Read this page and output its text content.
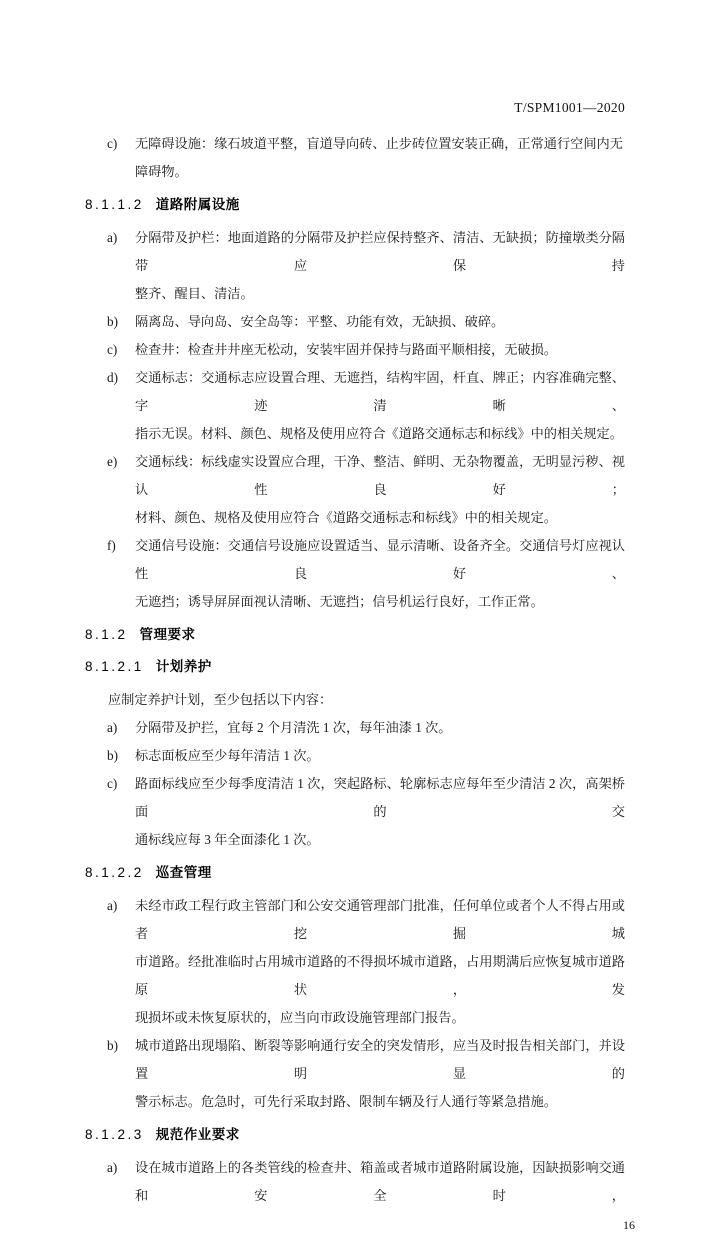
T/SPM1001—2020
c)	无障碍设施：缘石坡道平整，盲道导向砖、止步砖位置安装正确，正常通行空间内无障碍物。
8.1.1.2 道路附属设施
a)	分隔带及护栏：地面道路的分隔带及护拦应保持整齐、清洁、无缺损；防撞墩类分隔带应保持
整齐、醒目、清洁。
b)	隔离岛、导向岛、安全岛等：平整、功能有效，无缺损、破碎。
c)	检查井：检查井井座无松动，安装牢固并保持与路面平顺相接，无破损。
d)	交通标志：交通标志应设置合理、无遮挡，结构牢固，杆直、牌正；内容准确完整、字迹清晰、
指示无误。材料、颜色、规格及使用应符合《道路交通标志和标线》中的相关规定。
e)	交通标线：标线虚实设置应合理，干净、整洁、鲜明、无杂物覆盖，无明显污秽、视认性良好；
材料、颜色、规格及使用应符合《道路交通标志和标线》中的相关规定。
f)	交通信号设施：交通信号设施应设置适当、显示清晰、设备齐全。交通信号灯应视认性良好、
无遮挡；诱导屏屏面视认清晰、无遮挡；信号机运行良好，工作正常。
8.1.2 管理要求
8.1.2.1 计划养护
应制定养护计划，至少包括以下内容：
a)	分隔带及护拦，宜每 2 个月清洗 1 次，每年油漆 1 次。
b)	标志面板应至少每年清洁 1 次。
c)	路面标线应至少每季度清洁 1 次，突起路标、轮廓标志应每年至少清洁 2 次，高架桥面的交
通标线应每 3 年全面漆化 1 次。
8.1.2.2 巡查管理
a)	未经市政工程行政主管部门和公安交通管理部门批准，任何单位或者个人不得占用或者挖掘城
市道路。经批准临时占用城市道路的不得损坏城市道路，占用期满后应恢复城市道路原状，发
现损坏或未恢复原状的，应当向市政设施管理部门报告。
b)	城市道路出现塌陷、断裂等影响通行安全的突发情形，应当及时报告相关部门，并设置明显的
警示标志。危急时，可先行采取封路、限制车辆及行人通行等紧急措施。
8.1.2.3 规范作业要求
a)	设在城市道路上的各类管线的检查井、箱盖或者城市道路附属设施，因缺损影响交通和安全时，
16
